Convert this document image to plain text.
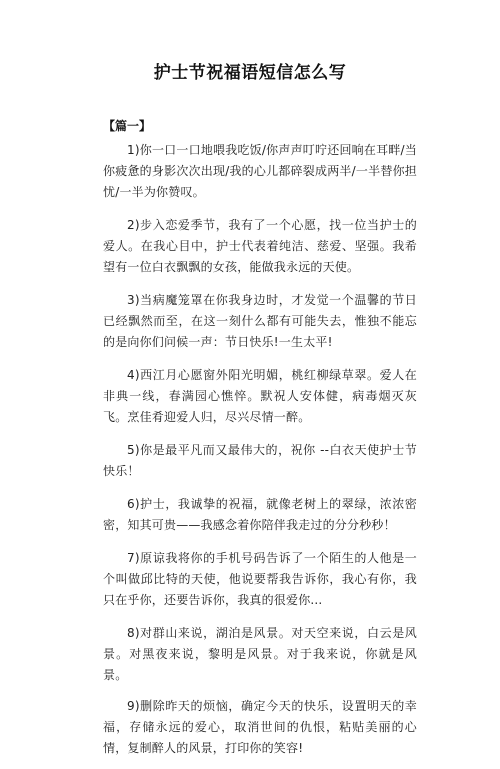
护士节祝福语短信怎么写
【篇一】

1)你一口一口地喂我吃饭/你声声叮咛还回响在耳畔/当你疲惫的身影次次出现/我的心儿都碎裂成两半/一半替你担忧/一半为你赞叹。

2)步入恋爱季节，我有了一个心愿，找一位当护士的爱人。在我心目中，护士代表着纯洁、慈爱、坚强。我希望有一位白衣飘飘的女孩，能做我永远的天使。

3)当病魔笼罩在你我身边时，才发觉一个温馨的节日已经飘然而至，在这一刻什么都有可能失去，惟独不能忘的是向你们问候一声：节日快乐!一生太平!

4)西江月心愿窗外阳光明媚，桃红柳绿草翠。爱人在非典一线，春满园心憔悴。默祝人安体健，病毒烟灭灰飞。烹佳肴迎爱人归，尽兴尽情一醉。

5)你是最平凡而又最伟大的，祝你 --白衣天使护士节快乐！

6)护士，我诚挚的祝福，就像老树上的翠绿，浓浓密密，知其可贵——我感念着你陪伴我走过的分分秒秒！

7)原谅我将你的手机号码告诉了一个陌生的人他是一个叫做邱比特的天使，他说要帮我告诉你，我心有你，我只在乎你，还要告诉你，我真的很爱你...

8)对群山来说，湖泊是风景。对天空来说，白云是风景。对黑夜来说，黎明是风景。对于我来说，你就是风景。

9)删除昨天的烦恼，确定今天的快乐，设置明天的幸福，存储永远的爱心，取消世间的仇恨，粘贴美丽的心情，复制醉人的风景，打印你的笑容!
